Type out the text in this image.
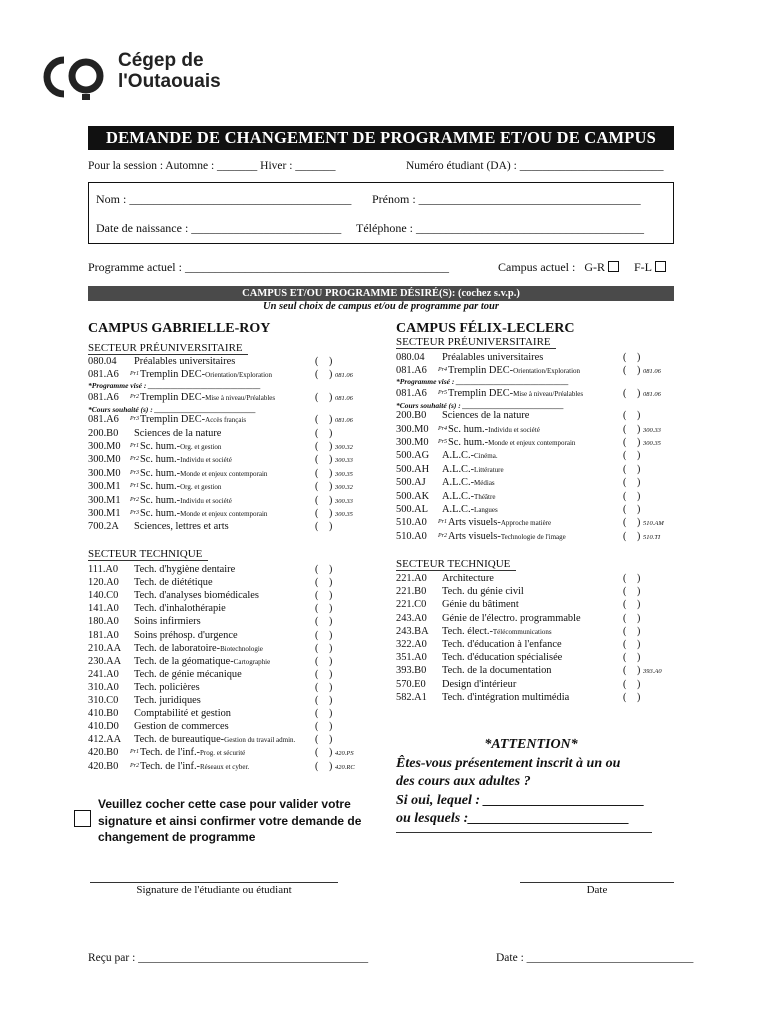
Cégep de
l'Outaouais
DEMANDE DE CHANGEMENT DE PROGRAMME ET/OU DE CAMPUS
Pour la session : Automne : _______ Hiver : _______	Numéro étudiant (DA) : _________________________
Nom : _____________________________________ Prénom : _____________________________________
Date de naissance : _________________________ Téléphone : ______________________________________
Programme actuel : ____________________________________________	Campus actuel : G-R F-L
CAMPUS ET/OU PROGRAMME DÉSIRÉ(S): (cochez s.v.p.)
Un seul choix de campus et/ou de programme par tour
CAMPUS GABRIELLE-ROY	CAMPUS FÉLIX-LECLERC
SECTEUR PRÉUNIVERSITAIRE	SECTEUR PRÉUNIVERSITAIRE
SECTEUR TECHNIQUE
SECTEUR TECHNIQUE
080.04 Préalables universitaires	( )
081.A6 Pr1 Tremplin DEC-Orientation/Exploration	( ) 081.06
081.A6 Pr2 Tremplin DEC-Mise à niveau/Préalables	( ) 081.06
081.A6 Pr3 Tremplin DEC-Accès français	( ) 081.06
200.B0 Sciences de la nature	( )
300.M0 Pr1 Sc. hum.-Org. et gestion	( ) 300.32
300.M0 Pr2 Sc. hum.-Individu et société	( ) 300.33
300.M0 Pr3 Sc. hum.-Monde et enjeux contemporain	( ) 300.35
300.M1 Pr1 Sc. hum.-Org. et gestion	( ) 300.32
300.M1 Pr2 Sc. hum.-Individu et société	( ) 300.33
300.M1 Pr3 Sc. hum.-Monde et enjeux contemporain	( ) 300.35
700.2A Sciences, lettres et arts	( )
111.A0 Tech. d'hygiène dentaire	( )
120.A0 Tech. de diététique	( )
140.C0 Tech. d'analyses biomédicales	( )
141.A0 Tech. d'inhalothérapie	( )
180.A0 Soins infirmiers	( )
181.A0 Soins préhosp. d'urgence	( )
210.AA Tech. de laboratoire-Biotechnologie	( )
230.AA Tech. de la géomatique-Cartographie	( )
241.A0 Tech. de génie mécanique	( )
310.A0 Tech. policières	( )
310.C0 Tech. juridiques	( )
410.B0 Comptabilité et gestion	( )
410.D0 Gestion de commerces	( )
412.AA Tech. de bureautique-Gestion du travail admin. ( )
420.B0 Pr1 Tech. de l'inf.-Prog. et sécurité	( ) 420.PS
420.B0 Pr2 Tech. de l'inf.-Réseaux et cyber.	( ) 420.RC
080.04 Préalables universitaires	( )
081.A6 Pr4 Tremplin DEC-Orientation/Exploration	( ) 081.06
081.A6 Pr5 Tremplin DEC-Mise à niveau/Préalables	( ) 081.06
200.B0 Sciences de la nature	( )
300.M0 Pr4 Sc. hum.-Individu et société	( ) 300.33
300.M0 Pr5 Sc. hum.-Monde et enjeux contemporain	( ) 300.35
500.AG A.L.C.-Cinéma.	( )
500.AH A.L.C.-Littérature	( )
500.AJ A.L.C.-Médias	( )
500.AK A.L.C.-Théâtre	( )
500.AL A.L.C.-Langues	( )
510.A0 Pr1 Arts visuels-Approche matière	( ) 510.AM
510.A0 Pr2 Arts visuels-Technologie de l'image	( ) 510.TI
221.A0 Architecture	( )
221.B0 Tech. du génie civil	( )
221.C0 Génie du bâtiment	( )
243.A0 Génie de l'électro. programmable	( )
243.BA Tech. élect.-Télécommunications	( )
322.A0 Tech. d'éducation à l'enfance	( )
351.A0 Tech. d'éducation spécialisée	( )
393.B0 Tech. de la documentation	( ) 393.A0
570.E0 Design d'intérieur	( )
582.A1 Tech. d'intégration multimédia	( )
*Programme visé : ______________________________
*Cours souhaité (s) : ___________________________
*Programme visé : ______________________________
*Cours souhaité (s) : ___________________________
*ATTENTION*
Êtes-vous présentement inscrit à un ou
des cours aux adultes ?
Si oui, lequel : _______________________
ou lesquels :_______________________
Veuillez cocher cette case pour valider votre signature et ainsi confirmer votre demande de changement de programme
Signature de l'étudiante ou étudiant	Date
Reçu par : ________________________________________	Date : _____________________________
